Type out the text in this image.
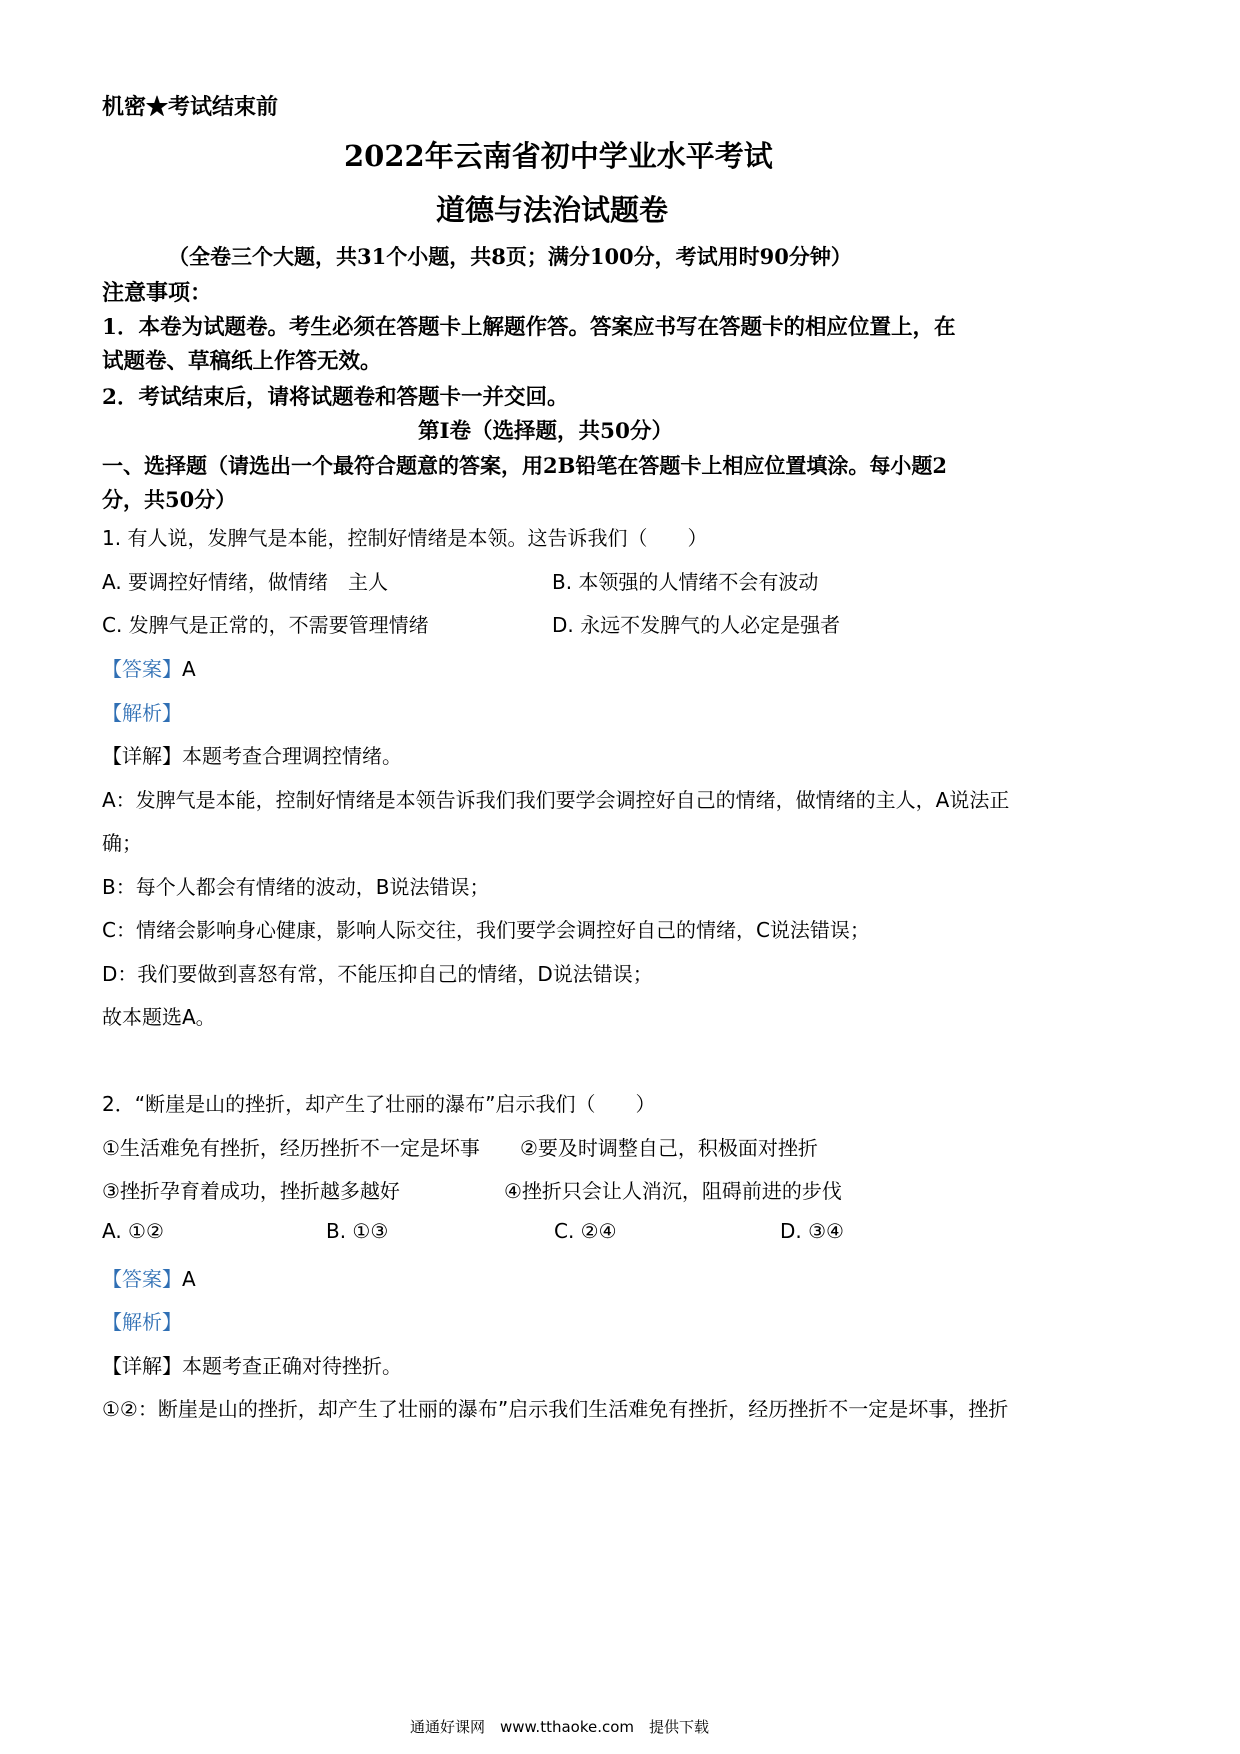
机密★考试结束前
2022年云南省初中学业水平考试
道德与法治试题卷
（全卷三个大题，共31个小题，共8页；满分100分，考试用时90分钟）
注意事项：
1．本卷为试题卷。考生必须在答题卡上解题作答。答案应书写在答题卡的相应位置上，在
试题卷、草稿纸上作答无效。
2．考试结束后，请将试题卷和答题卡一并交回。
第I卷（选择题，共50分）
一、选择题（请选出一个最符合题意的答案，用2B铅笔在答题卡上相应位置填涂。每小题2
分，共50分）
1. 有人说，发脾气是本能，控制好情绪是本领。这告诉我们（　　）
A. 要调控好情绪，做情绪　主人	B. 本领强的人情绪不会有波动
C. 发脾气是正常的，不需要管理情绪	D. 永远不发脾气的人必定是强者
【答案】A
【解析】
【详解】本题考查合理调控情绪。
A：发脾气是本能，控制好情绪是本领告诉我们我们要学会调控好自己的情绪，做情绪的主人，A说法正
确；
B：每个人都会有情绪的波动，B说法错误；
C：情绪会影响身心健康，影响人际交往，我们要学会调控好自己的情绪，C说法错误；
D：我们要做到喜怒有常，不能压抑自己的情绪，D说法错误；
故本题选A。
2．“断崖是山的挫折，却产生了壮丽的瀑布”启示我们（　　）
①生活难免有挫折，经历挫折不一定是坏事 ②要及时调整自己，积极面对挫折
③挫折孕育着成功，挫折越多越好	④挫折只会让人消沉，阻碍前进的步伐
A. ①②	B. ①③	C. ②④	D. ③④
【答案】A
【解析】
【详解】本题考查正确对待挫折。
①②：断崖是山的挫折，却产生了壮丽的瀑布”启示我们生活难免有挫折，经历挫折不一定是坏事，挫折
通通好课网　www.tthaoke.com　提供下载
